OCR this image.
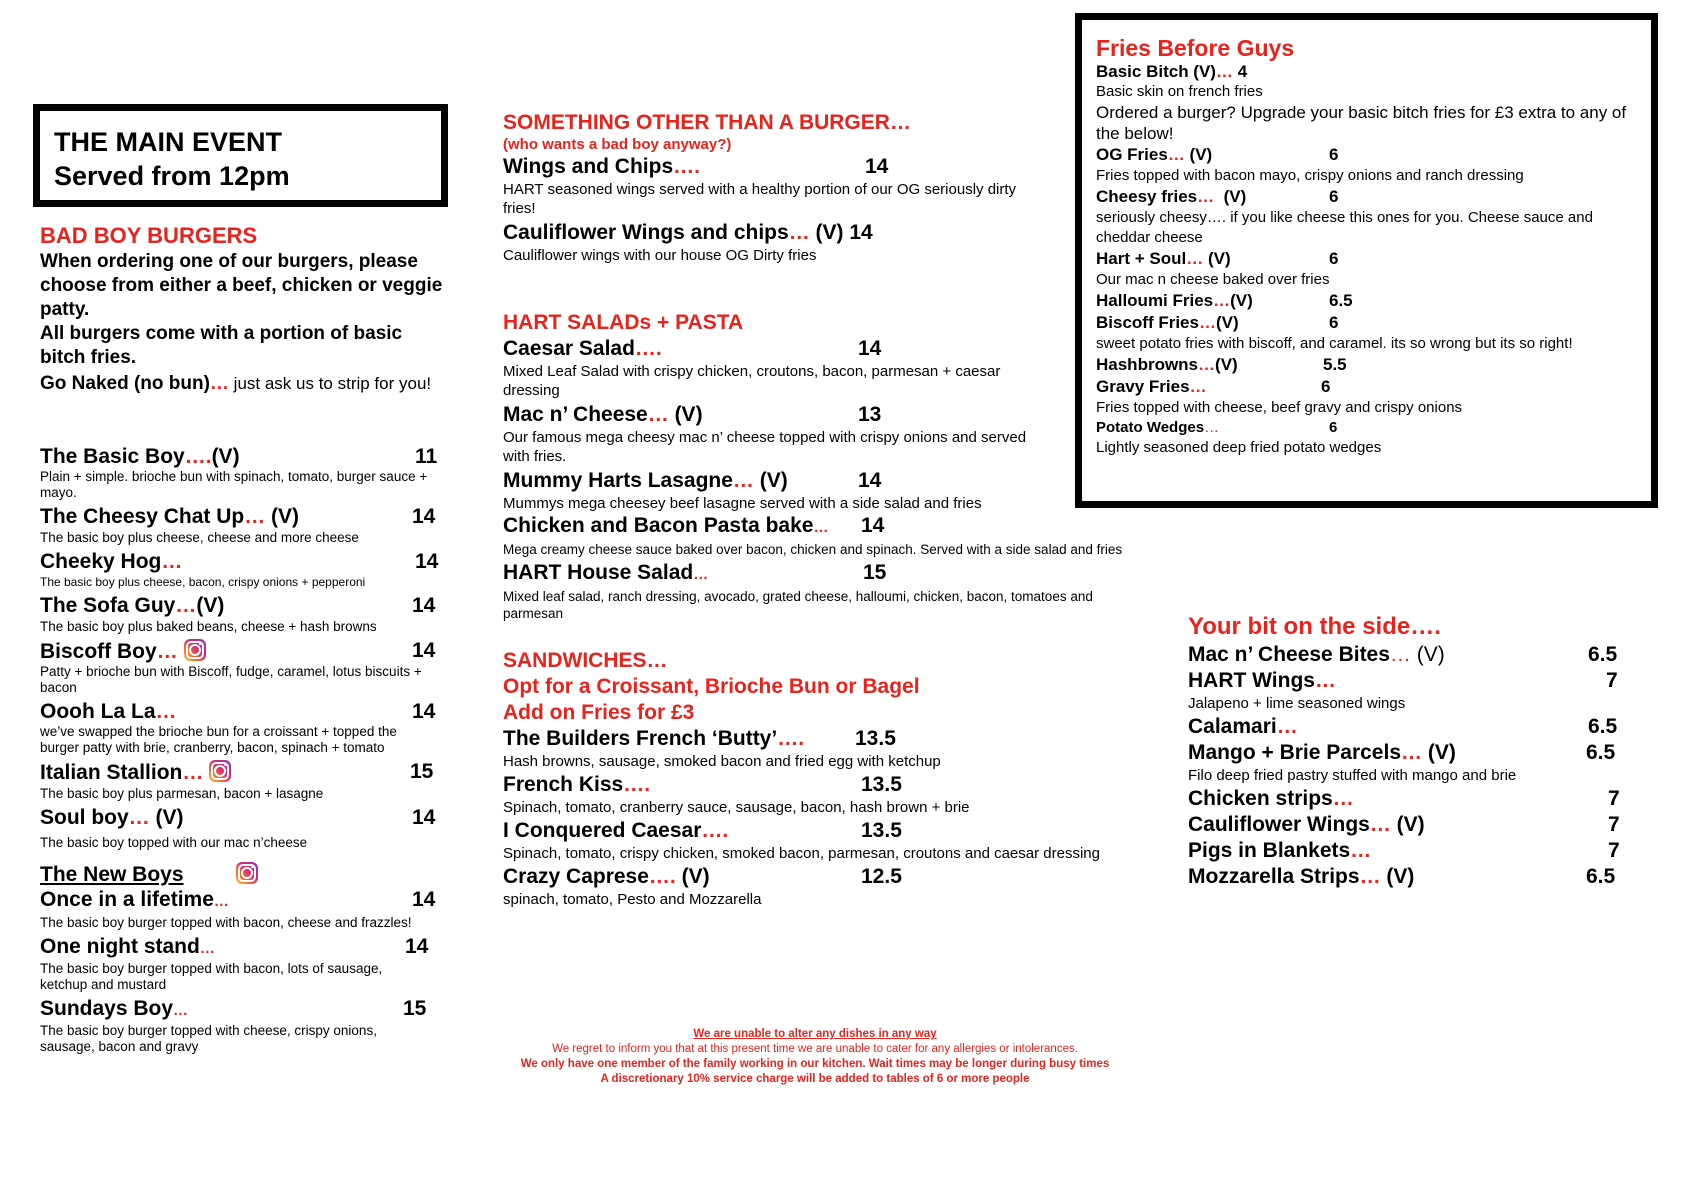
THE MAIN EVENT
Served from 12pm
BAD BOY BURGERS
When ordering one of our burgers, please choose from either a beef, chicken or veggie patty.
All burgers come with a portion of basic bitch fries.
Go Naked (no bun)… just ask us to strip for you!
The Basic Boy….(V)	11
Plain + simple. brioche bun with spinach, tomato, burger sauce + mayo.
The Cheesy Chat Up… (V)	14
The basic boy plus cheese, cheese and more cheese
Cheeky Hog…	14
The basic boy plus cheese, bacon, crispy onions + pepperoni
The Sofa Guy…(V)	14
The basic boy plus baked beans, cheese + hash browns
Biscoff Boy…	14
Patty + brioche bun with Biscoff, fudge, caramel, lotus biscuits + bacon
Oooh La La…	14
we’ve swapped the brioche bun for a croissant + topped the burger patty with brie, cranberry, bacon, spinach + tomato
Italian Stallion…	15
The basic boy plus parmesan, bacon + lasagne
Soul boy… (V)	14
The basic boy topped with our mac n’cheese
The New Boys
Once in a lifetime…	14
The basic boy burger topped with bacon, cheese and frazzles!
One night stand…	14
The basic boy burger topped with bacon, lots of sausage, ketchup and mustard
Sundays Boy…	15
The basic boy burger topped with cheese, crispy onions, sausage, bacon and gravy
SOMETHING OTHER THAN A BURGER…
(who wants a bad boy anyway?)
Wings and Chips….	14
HART seasoned wings served with a healthy portion of our OG seriously dirty fries!
Cauliflower Wings and chips… (V) 14
Cauliflower wings with our house OG Dirty fries
HART SALADs + PASTA
Caesar Salad….	14
Mixed Leaf Salad with crispy chicken, croutons, bacon, parmesan + caesar dressing
Mac n’ Cheese… (V)	13
Our famous mega cheesy mac n’ cheese topped with crispy onions and served with fries.
Mummy Harts Lasagne… (V)	14
Mummys mega cheesey beef lasagne served with a side salad and fries
Chicken and Bacon Pasta bake… 14
Mega creamy cheese sauce baked over bacon, chicken and spinach. Served with a side salad and fries
HART House Salad…	15
Mixed leaf salad, ranch dressing, avocado, grated cheese, halloumi, chicken, bacon, tomatoes and parmesan
SANDWICHES…
Opt for a Croissant, Brioche Bun or Bagel
Add on Fries for £3
The Builders French ‘Butty’…. 13.5
Hash browns, sausage, smoked bacon and fried egg with ketchup
French Kiss….	13.5
Spinach, tomato, cranberry sauce, sausage, bacon, hash brown + brie
I Conquered Caesar….	13.5
Spinach, tomato, crispy chicken, smoked bacon, parmesan, croutons and caesar dressing
Crazy Caprese…. (V)	12.5
spinach, tomato, Pesto and Mozzarella
We are unable to alter any dishes in any way
We regret to inform you that at this present time we are unable to cater for any allergies or intolerances.
We only have one member of the family working in our kitchen. Wait times may be longer during busy times
A discretionary 10% service charge will be added to tables of 6 or more people
Fries Before Guys
Basic Bitch (V)… 4
Basic skin on french fries
Ordered a burger? Upgrade your basic bitch fries for £3 extra to any of the below!
OG Fries… (V)	6
Fries topped with bacon mayo, crispy onions and ranch dressing
Cheesy fries…  (V)	6
seriously cheesy…. if you like cheese this ones for you. Cheese sauce and cheddar cheese
Hart + Soul… (V)	6
Our mac n cheese baked over fries
Halloumi Fries…(V)	6.5
Biscoff Fries…(V)	6
sweet potato fries with biscoff, and caramel. its so wrong but its so right!
Hashbrowns…(V)	5.5
Gravy Fries…	6
Fries topped with cheese, beef gravy and crispy onions
Potato Wedges…	6
Lightly seasoned deep fried potato wedges
Your bit on the side….
Mac n’ Cheese Bites… (V)	6.5
HART Wings…	7
Jalapeno + lime seasoned wings
Calamari…	6.5
Mango + Brie Parcels… (V)	6.5
Filo deep fried pastry stuffed with mango and brie
Chicken strips…	7
Cauliflower Wings… (V)	7
Pigs in Blankets…	7
Mozzarella Strips… (V)	6.5
